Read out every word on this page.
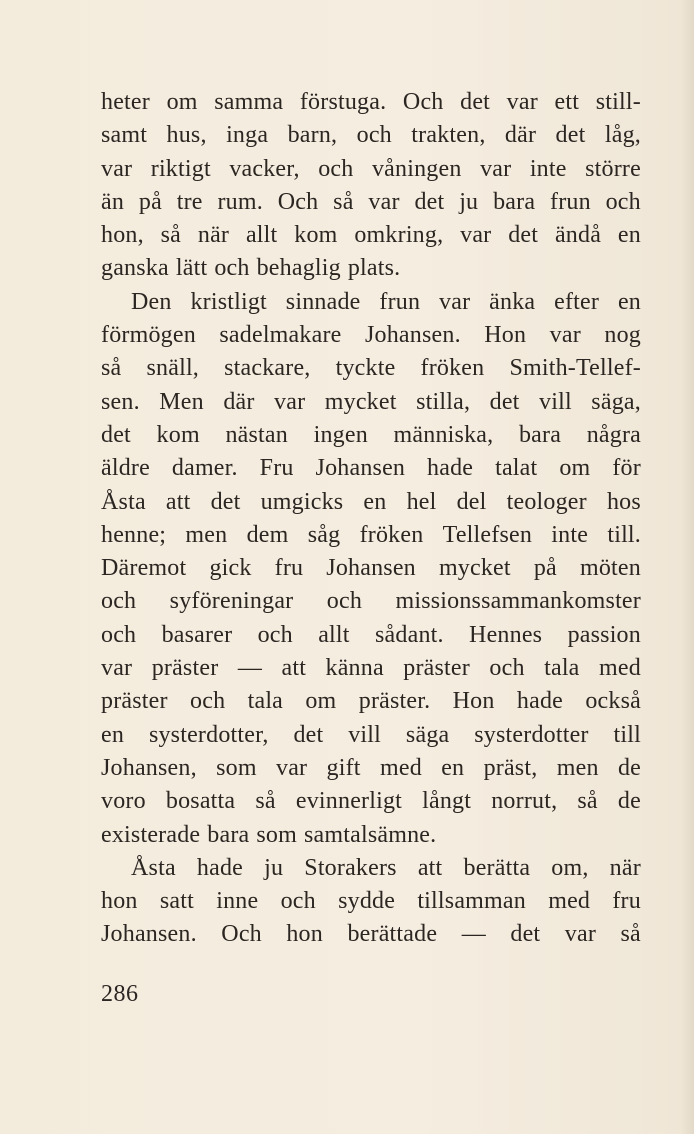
heter om samma förstuga. Och det var ett still-
samt hus, inga barn, och trakten, där det låg,
var riktigt vacker, och våningen var inte större
än på tre rum. Och så var det ju bara frun och
hon, så när allt kom omkring, var det ändå en
ganska lätt och behaglig plats.
Den kristligt sinnade frun var änka efter en
förmögen sadelmakare Johansen. Hon var nog
så snäll, stackare, tyckte fröken Smith-Tellef-
sen. Men där var mycket stilla, det vill säga,
det kom nästan ingen människa, bara några
äldre damer. Fru Johansen hade talat om för
Åsta att det umgicks en hel del teologer hos
henne; men dem såg fröken Tellefsen inte till.
Däremot gick fru Johansen mycket på möten
och syföreningar och missionssammankomster
och basarer och allt sådant. Hennes passion
var präster — att känna präster och tala med
präster och tala om präster. Hon hade också
en systerdotter, det vill säga systerdotter till
Johansen, som var gift med en präst, men de
voro bosatta så evinnerligt långt norrut, så de
existerade bara som samtalsämne.
Åsta hade ju Storakers att berätta om, när
hon satt inne och sydde tillsamman med fru
Johansen. Och hon berättade — det var så
286
